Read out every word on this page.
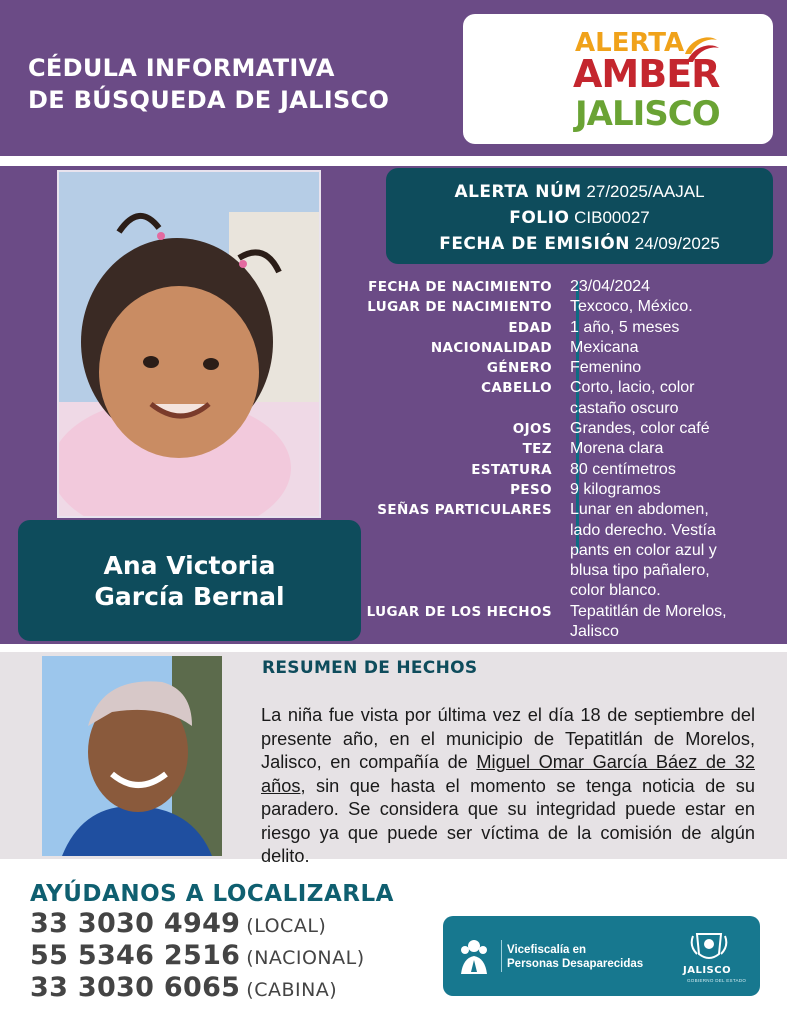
CÉDULA INFORMATIVA
DE BÚSQUEDA DE JALISCO
ALERTA
AMBER
JALISCO
Ana Victoria
García Bernal
ALERTA NÚM 27/2025/AAJAL
FOLIO CIB00027
FECHA DE EMISIÓN 24/09/2025
FECHA DE NACIMIENTO	23/04/2024
LUGAR DE NACIMIENTO	Texcoco, México.
EDAD	1 año, 5 meses
NACIONALIDAD	Mexicana
GÉNERO	Femenino
CABELLO	Corto, lacio, color
castaño oscuro
OJOS	Grandes, color café
TEZ	Morena clara
ESTATURA	80 centímetros
PESO	9 kilogramos
SEÑAS PARTICULARES	Lunar en abdomen,
lado derecho. Vestía
pants en color azul y
blusa tipo pañalero,
color blanco.
LUGAR DE LOS HECHOS	Tepatitlán de Morelos,
Jalisco
RESUMEN DE HECHOS
La niña fue vista por última vez el día 18 de septiembre del presente año, en el municipio de Tepatitlán de Morelos, Jalisco, en compañía de Miguel Omar García Báez de 32 años, sin que hasta el momento se tenga noticia de su paradero. Se considera que su integridad puede estar en riesgo ya que puede ser víctima de la comisión de algún delito.
AYÚDANOS A LOCALIZARLA
33 3030 4949 (LOCAL)
55 5346 2516 (NACIONAL)
33 3030 6065 (CABINA)
Vicefiscalía en
Personas Desaparecidas
JALISCO
GOBIERNO DEL ESTADO
